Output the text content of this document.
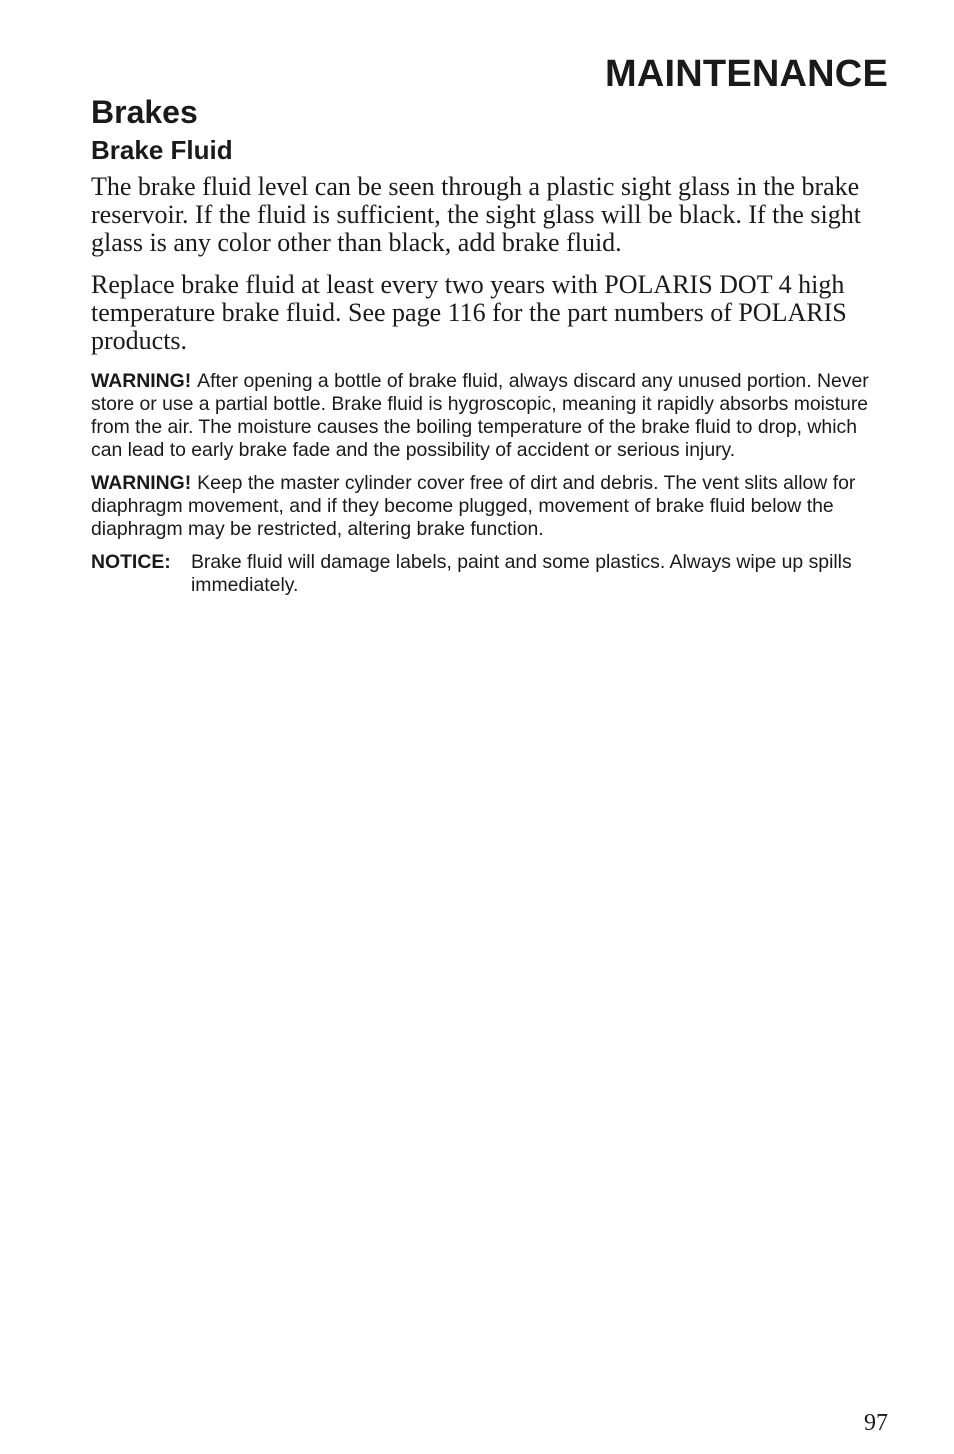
MAINTENANCE
Brakes
Brake Fluid

The brake fluid level can be seen through a plastic sight glass in the brake reservoir. If the fluid is sufficient, the sight glass will be black. If the sight glass is any color other than black, add brake fluid.

Replace brake fluid at least every two years with POLARIS DOT 4 high temperature brake fluid. See page 116 for the part numbers of POLARIS products.

WARNING! After opening a bottle of brake fluid, always discard any unused portion. Never store or use a partial bottle. Brake fluid is hygroscopic, meaning it rapidly absorbs moisture from the air. The moisture causes the boiling temperature of the brake fluid to drop, which can lead to early brake fade and the possibility of accident or serious injury.

WARNING! Keep the master cylinder cover free of dirt and debris. The vent slits allow for diaphragm movement, and if they become plugged, movement of brake fluid below the diaphragm may be restricted, altering brake function.

NOTICE: Brake fluid will damage labels, paint and some plastics. Always wipe up spills immediately.

97
